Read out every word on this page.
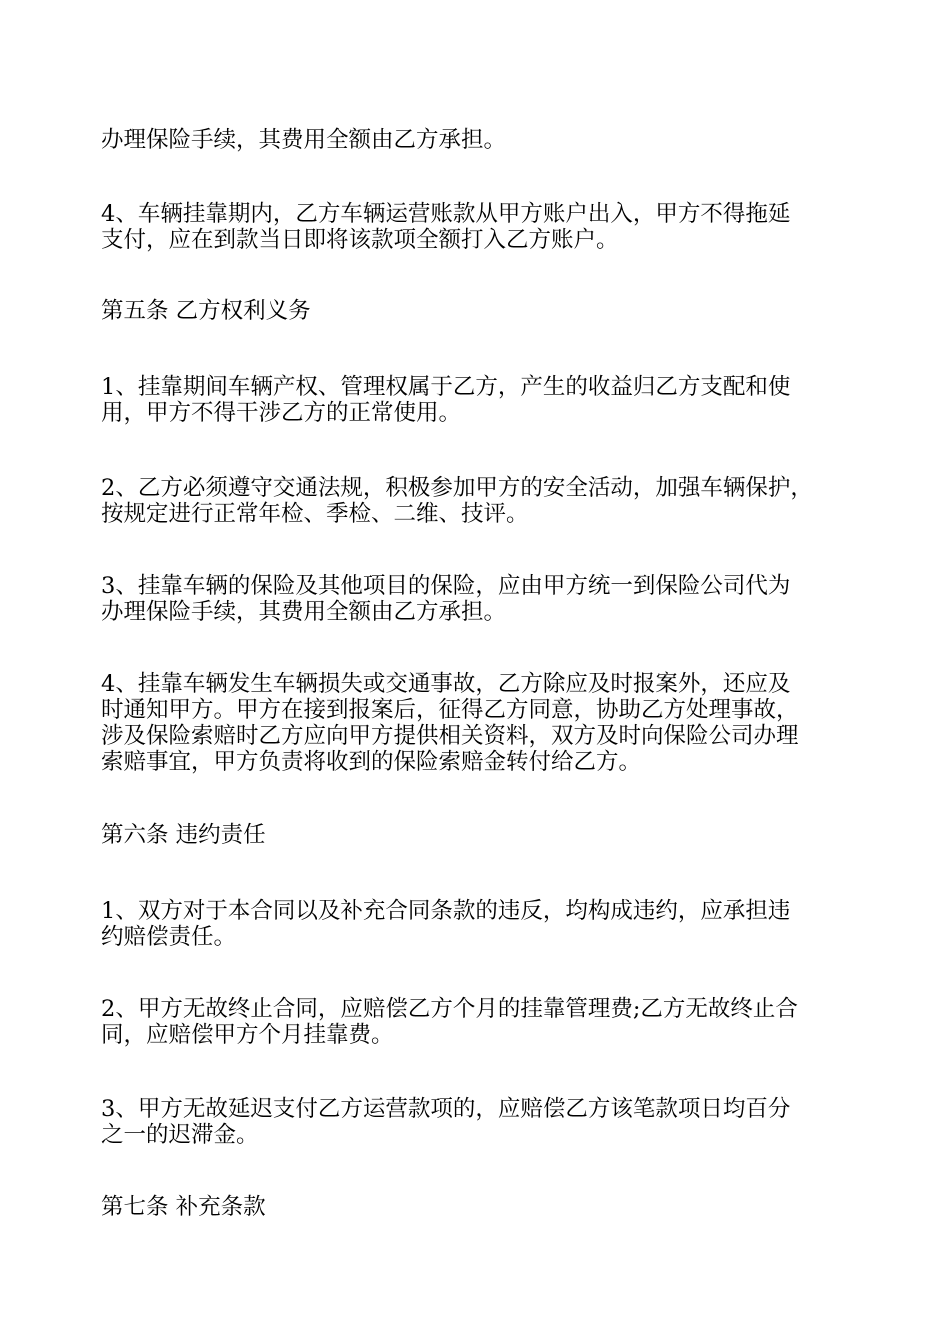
办理保险手续，其费用全额由乙方承担。

4、车辆挂靠期内，乙方车辆运营账款从甲方账户出入，甲方不得拖延
支付，应在到款当日即将该款项全额打入乙方账户。

第五条 乙方权利义务

1、挂靠期间车辆产权、管理权属于乙方，产生的收益归乙方支配和使
用，甲方不得干涉乙方的正常使用。

2、乙方必须遵守交通法规，积极参加甲方的安全活动，加强车辆保护，
按规定进行正常年检、季检、二维、技评。

3、挂靠车辆的保险及其他项目的保险，应由甲方统一到保险公司代为
办理保险手续，其费用全额由乙方承担。

4、挂靠车辆发生车辆损失或交通事故，乙方除应及时报案外，还应及
时通知甲方。甲方在接到报案后，征得乙方同意，协助乙方处理事故，
涉及保险索赔时乙方应向甲方提供相关资料，双方及时向保险公司办理
索赔事宜，甲方负责将收到的保险索赔金转付给乙方。

第六条 违约责任

1、双方对于本合同以及补充合同条款的违反，均构成违约，应承担违
约赔偿责任。

2、甲方无故终止合同，应赔偿乙方个月的挂靠管理费;乙方无故终止合
同，应赔偿甲方个月挂靠费。

3、甲方无故延迟支付乙方运营款项的，应赔偿乙方该笔款项日均百分
之一的迟滞金。

第七条 补充条款
